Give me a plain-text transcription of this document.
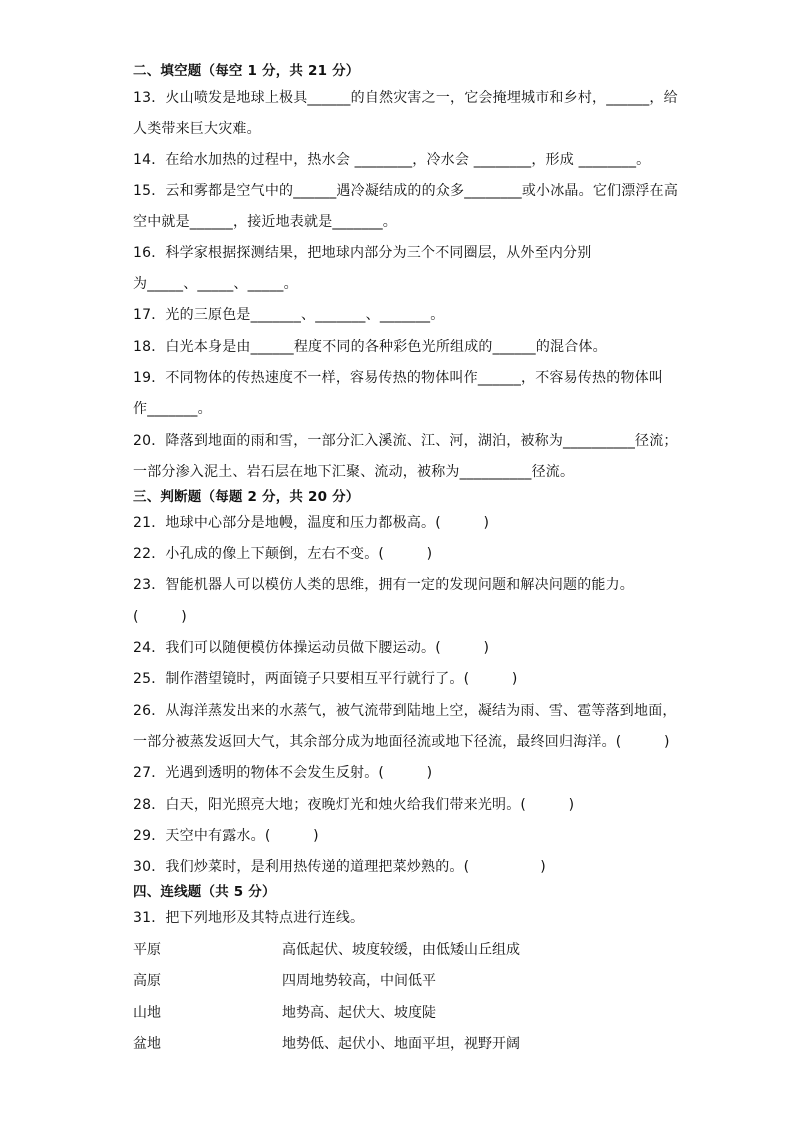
二、填空题（每空 1 分，共 21 分）
13．火山喷发是地球上极具______的自然灾害之一，它会掩埋城市和乡村，______，给
人类带来巨大灾难。
14．在给水加热的过程中，热水会 ________，冷水会 ________，形成 ________。
15．云和雾都是空气中的______遇冷凝结成的的众多________或小冰晶。它们漂浮在高
空中就是______，接近地表就是_______。
16．科学家根据探测结果，把地球内部分为三个不同圈层，从外至内分别
为_____、_____、_____。
17．光的三原色是_______、_______、_______。
18．白光本身是由______程度不同的各种彩色光所组成的______的混合体。
19．不同物体的传热速度不一样，容易传热的物体叫作______，不容易传热的物体叫
作_______。
20．降落到地面的雨和雪，一部分汇入溪流、江、河，湖泊，被称为__________径流；
一部分渗入泥土、岩石层在地下汇聚、流动，被称为__________径流。
三、判断题（每题 2 分，共 20 分）
21．地球中心部分是地幔，温度和压力都极高。(　　　)
22．小孔成的像上下颠倒，左右不变。(　　　)
23．智能机器人可以模仿人类的思维，拥有一定的发现问题和解决问题的能力。
(　　　)
24．我们可以随便模仿体操运动员做下腰运动。(　　　)
25．制作潜望镜时，两面镜子只要相互平行就行了。(　　　)
26．从海洋蒸发出来的水蒸气，被气流带到陆地上空，凝结为雨、雪、雹等落到地面，
一部分被蒸发返回大气，其余部分成为地面径流或地下径流，最终回归海洋。(　　　)
27．光遇到透明的物体不会发生反射。(　　　)
28．白天，阳光照亮大地；夜晚灯光和烛火给我们带来光明。(　　　)
29．天空中有露水。(　　　)
30．我们炒菜时，是利用热传递的道理把菜炒熟的。(　　　　　)
四、连线题（共 5 分）
31．把下列地形及其特点进行连线。
平原	高低起伏、坡度较缓，由低矮山丘组成
高原	四周地势较高，中间低平
山地	地势高、起伏大、坡度陡
盆地	地势低、起伏小、地面平坦，视野开阔
